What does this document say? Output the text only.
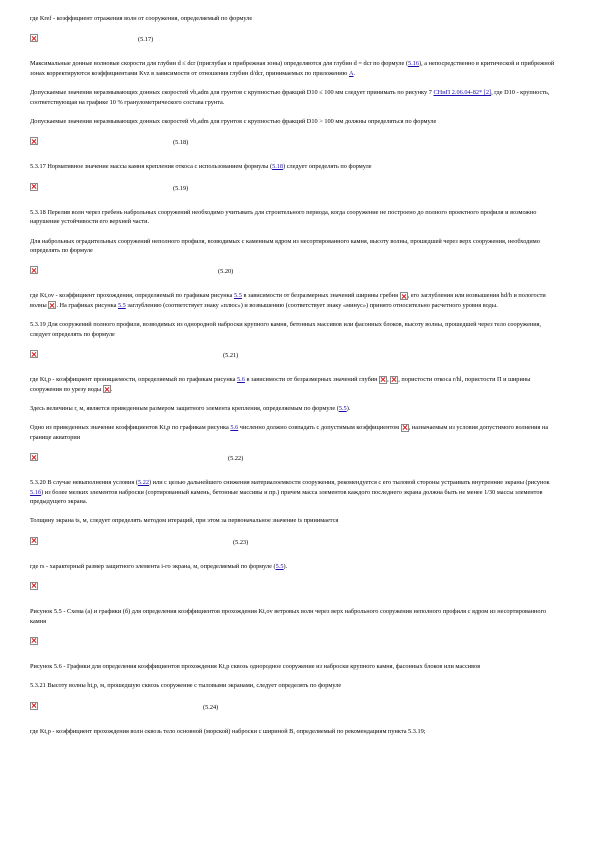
где Kref - коэффициент отражения волн от сооружения, определяемый по формуле

(5.17)

Максимальные донные волновые скорости для глубин d ≤ dcr (приглубая и прибрежная зоны) определяются для глубин d = dcr по формуле (5.16), а непосредственно в критической и прибрежной зонах корректируются коэффициентами Kvz в зависимости от отношения глубин d/dcr, принимаемых по приложению А.

Допускаемые значения неразмывающих донных скоростей vb,adm для грунтов с крупностью фракций D10 ≤ 100 мм следует принимать по рисунку 7 СНиП 2.06.04-82* [2], где D10 - крупность, соответствующая на графике 10 % гранулометрического состава грунта.

Допускаемые значения неразмывающих донных скоростей vb,adm для грунтов с крупностью фракций D10 > 100 мм должны определяться по формуле

(5.18)

5.3.17 Нормативное значение массы камня крепления откоса с использованием формулы (5.18) следует определять по формуле

(5.19)

5.3.18 Перелив волн через гребень наброльных сооружений необходимо учитывать для строительного периода, когда сооружение не построено до полного проектного профиля и возможно нарушение устойчивости его верхней части.

Для наброльных оградительных сооружений неполного профиля, возводимых с каменным ядром из несортированного камня, высоту волны, прошедшей через верх сооружения, необходимо определять по формуле

(5.20)

где Kt,ov - коэффициент прохождения, определяемый по графикам рисунка 5.5 в зависимости от безразмерных значений ширины гребня , его заглубления или возвышения hd/h и пологости волны . На графиках рисунка 5.5 заглублению (соответствует знаку «плюс») и возвышению (соответствует знаку «минус») принято относительно расчетного уровня воды.

5.3.19 Для сооружений полного профиля, возводимых из однородной наброски крупного камня, бетонных массивов или фасонных блоков, высоту волны, прошедшей через тело сооружения, следует определять по формуле

(5.21)

где Kt,p - коэффициент проницаемости, определяемый по графикам рисунка 5.6 в зависимости от безразмерных значений глубин , , пористости откоса r/hl, пористости П и ширины сооружения по урезу воды .

Здесь величины r, м, является приведенным размером защитного элемента крепления, определяемым по формуле (5.5).

Одно из приведенных значение коэффициентов Kt,p по графикам рисунка 5.6 численно должно совпадать с допустимым коэффициентом , назначаемым из условия допустимого волнения на границе акватории

(5.22)

5.3.20 В случае невыполнения условия (5.22) или с целью дальнейшего снижения материалоемкости сооружения, рекомендуется с его тыловой стороны устраивать внутренние экраны (рисунок 5.1б) из более мелких элементов наброски (сортированный камень, бетонные массивы и пр.) причем масса элементов каждого последнего экрана должна быть не менее 1/30 массы элементов предыдущего экрана.

Толщину экрана ts, м, следует определять методом итераций, при этом за первоначальное значение ts принимается

(5.23)

где rs - характерный размер защитного элемента i-го экрана, м, определяемый по формуле (5.5).

Рисунок 5.5 - Схема (а) и графики (б) для определения коэффициентов прохождения Kt,ov ветровых волн через верх наброльного сооружения неполного профиля с ядром из несортированного камня

Рисунок 5.6 - Графики для определения коэффициентов прохождения Kt,p сквозь однородное сооружение из наброски крупного камня, фасонных блоков или массивов

5.3.21 Высоту волны ht,p, м, прошедшую сквозь сооружение с тыловыми экранами, следует определять по формуле

(5.24)

где Kt,p - коэффициент прохождения волн сквозь тело основной (морской) наброски с шириной B, определяемый по рекомендациям пункта 5.3.19;
